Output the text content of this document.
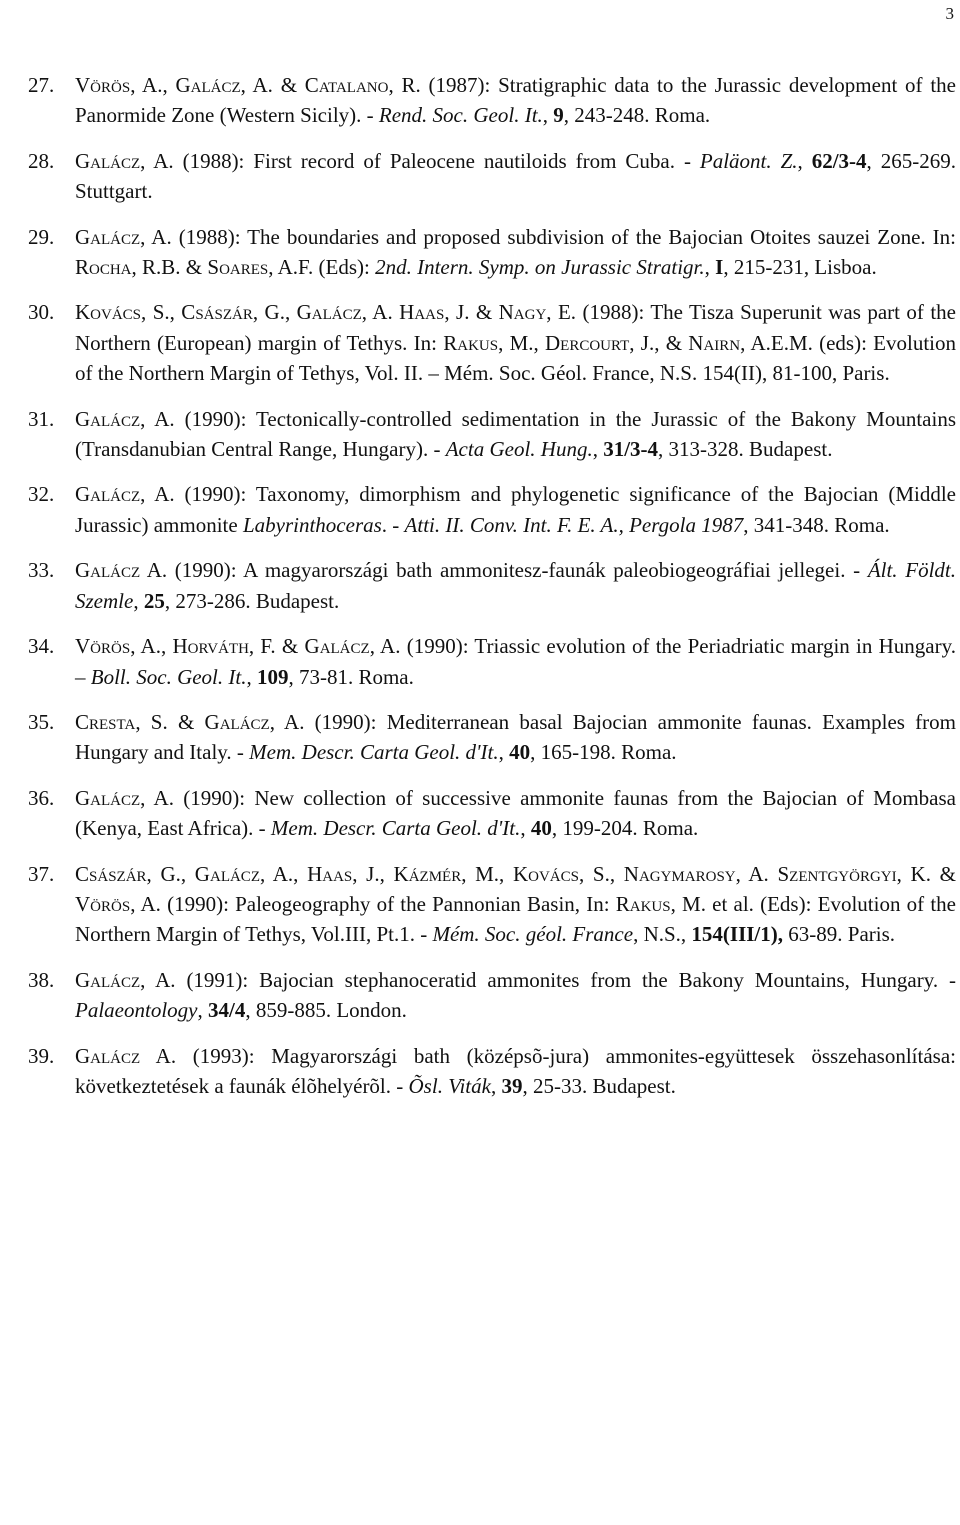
3

27. Vörös, A., Galácz, A. & Catalano, R. (1987): Stratigraphic data to the Jurassic development of the Panormide Zone (Western Sicily). - Rend. Soc. Geol. It., 9, 243-248. Roma.

28. Galácz, A. (1988): First record of Paleocene nautiloids from Cuba. - Paläont. Z., 62/3-4, 265-269. Stuttgart.

29. Galácz, A. (1988): The boundaries and proposed subdivision of the Bajocian Otoites sauzei Zone. In: Rocha, R.B. & Soares, A.F. (Eds): 2nd. Intern. Symp. on Jurassic Stratigr., I, 215-231, Lisboa.

30. Kovács, S., Császár, G., Galácz, A. Haas, J. & Nagy, E. (1988): The Tisza Superunit was part of the Northern (European) margin of Tethys. In: Rakus, M., Dercourt, J., & Nairn, A.E.M. (eds): Evolution of the Northern Margin of Tethys, Vol. II. – Mém. Soc. Géol. France, N.S. 154(II), 81-100, Paris.

31. Galácz, A. (1990): Tectonically-controlled sedimentation in the Jurassic of the Bakony Mountains (Transdanubian Central Range, Hungary). - Acta Geol. Hung., 31/3-4, 313-328. Budapest.

32. Galácz, A. (1990): Taxonomy, dimorphism and phylogenetic significance of the Bajocian (Middle Jurassic) ammonite Labyrinthoceras. - Atti. II. Conv. Int. F. E. A., Pergola 1987, 341-348. Roma.

33. Galácz A. (1990): A magyarországi bath ammonitesz-faunák paleobiogeográfiai jellegei. - Ált. Földt. Szemle, 25, 273-286. Budapest.

34. Vörös, A., Horváth, F. & Galácz, A. (1990): Triassic evolution of the Periadriatic margin in Hungary. – Boll. Soc. Geol. It., 109, 73-81. Roma.

35. Cresta, S. & Galácz, A. (1990): Mediterranean basal Bajocian ammonite faunas. Examples from Hungary and Italy. - Mem. Descr. Carta Geol. d'It., 40, 165-198. Roma.

36. Galácz, A. (1990): New collection of successive ammonite faunas from the Bajocian of Mombasa (Kenya, East Africa). - Mem. Descr. Carta Geol. d'It., 40, 199-204. Roma.

37. Császár, G., Galácz, A., Haas, J., Kázmér, M., Kovács, S., Nagymarosy, A. Szentgyörgyi, K. & Vörös, A. (1990): Paleogeography of the Pannonian Basin, In: Rakus, M. et al. (Eds): Evolution of the Northern Margin of Tethys, Vol.III, Pt.1. - Mém. Soc. géol. France, N.S., 154(III/1), 63-89. Paris.

38. Galácz, A. (1991): Bajocian stephanoceratid ammonites from the Bakony Mountains, Hungary. - Palaeontology, 34/4, 859-885. London.

39. Galácz A. (1993): Magyarországi bath (középsõ-jura) ammonites-együttesek összehasonlítása: következtetések a faunák élõhelyérõl. - Õsl. Viták, 39, 25-33. Budapest.
